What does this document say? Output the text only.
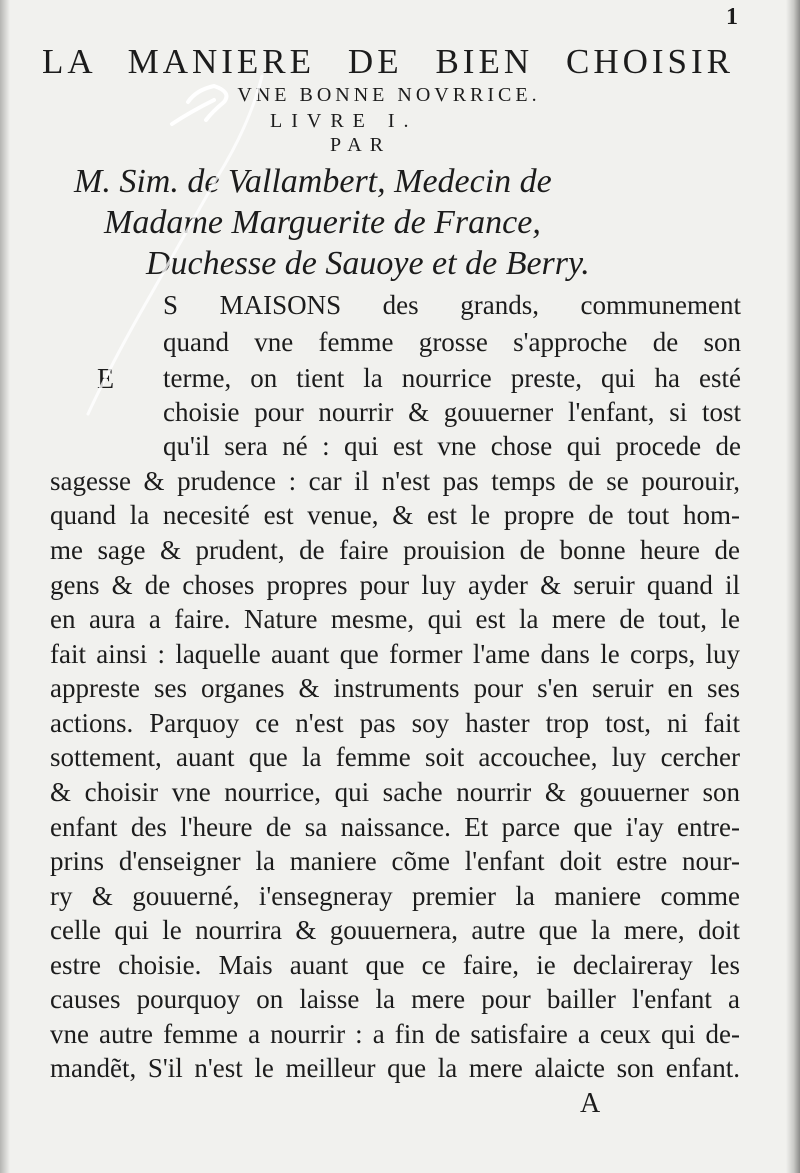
1

LA MANIERE DE BIEN CHOISIR

VNE BONNE NOVRRICE.

LIVRE I.

PAR

M. Sim. de Vallambert, Medecin de

Madame Marguerite de France,

Duchesse de Sauoye et de Berry.

E

S MAISONS des grands, communement

quand vne femme grosse s'approche de son

terme, on tient la nourrice preste, qui ha esté

choisie pour nourrir & gouuerner l'enfant, si tost

qu'il sera né : qui est vne chose qui procede de

sagesse & prudence : car il n'est pas temps de se pourouir,

quand la necesité est venue, & est le propre de tout hom-

me sage & prudent, de faire prouision de bonne heure de

gens & de choses propres pour luy ayder & seruir quand il

en aura a faire. Nature mesme, qui est la mere de tout, le

fait ainsi : laquelle auant que former l'ame dans le corps, luy

appreste ses organes & instruments pour s'en seruir en ses

actions. Parquoy ce n'est pas soy haster trop tost, ni fait

sottement, auant que la femme soit accouchee, luy cercher

& choisir vne nourrice, qui sache nourrir & gouuerner son

enfant des l'heure de sa naissance. Et parce que i'ay entre-

prins d'enseigner la maniere cõme l'enfant doit estre nour-

ry & gouuerné, i'ensegneray premier la maniere comme

celle qui le nourrira & gouuernera, autre que la mere, doit

estre choisie. Mais auant que ce faire, ie declaireray les

causes pourquoy on laisse la mere pour bailler l'enfant a

vne autre femme a nourrir : a fin de satisfaire a ceux qui de-

mandẽt, S'il n'est le meilleur que la mere alaicte son enfant.

A
